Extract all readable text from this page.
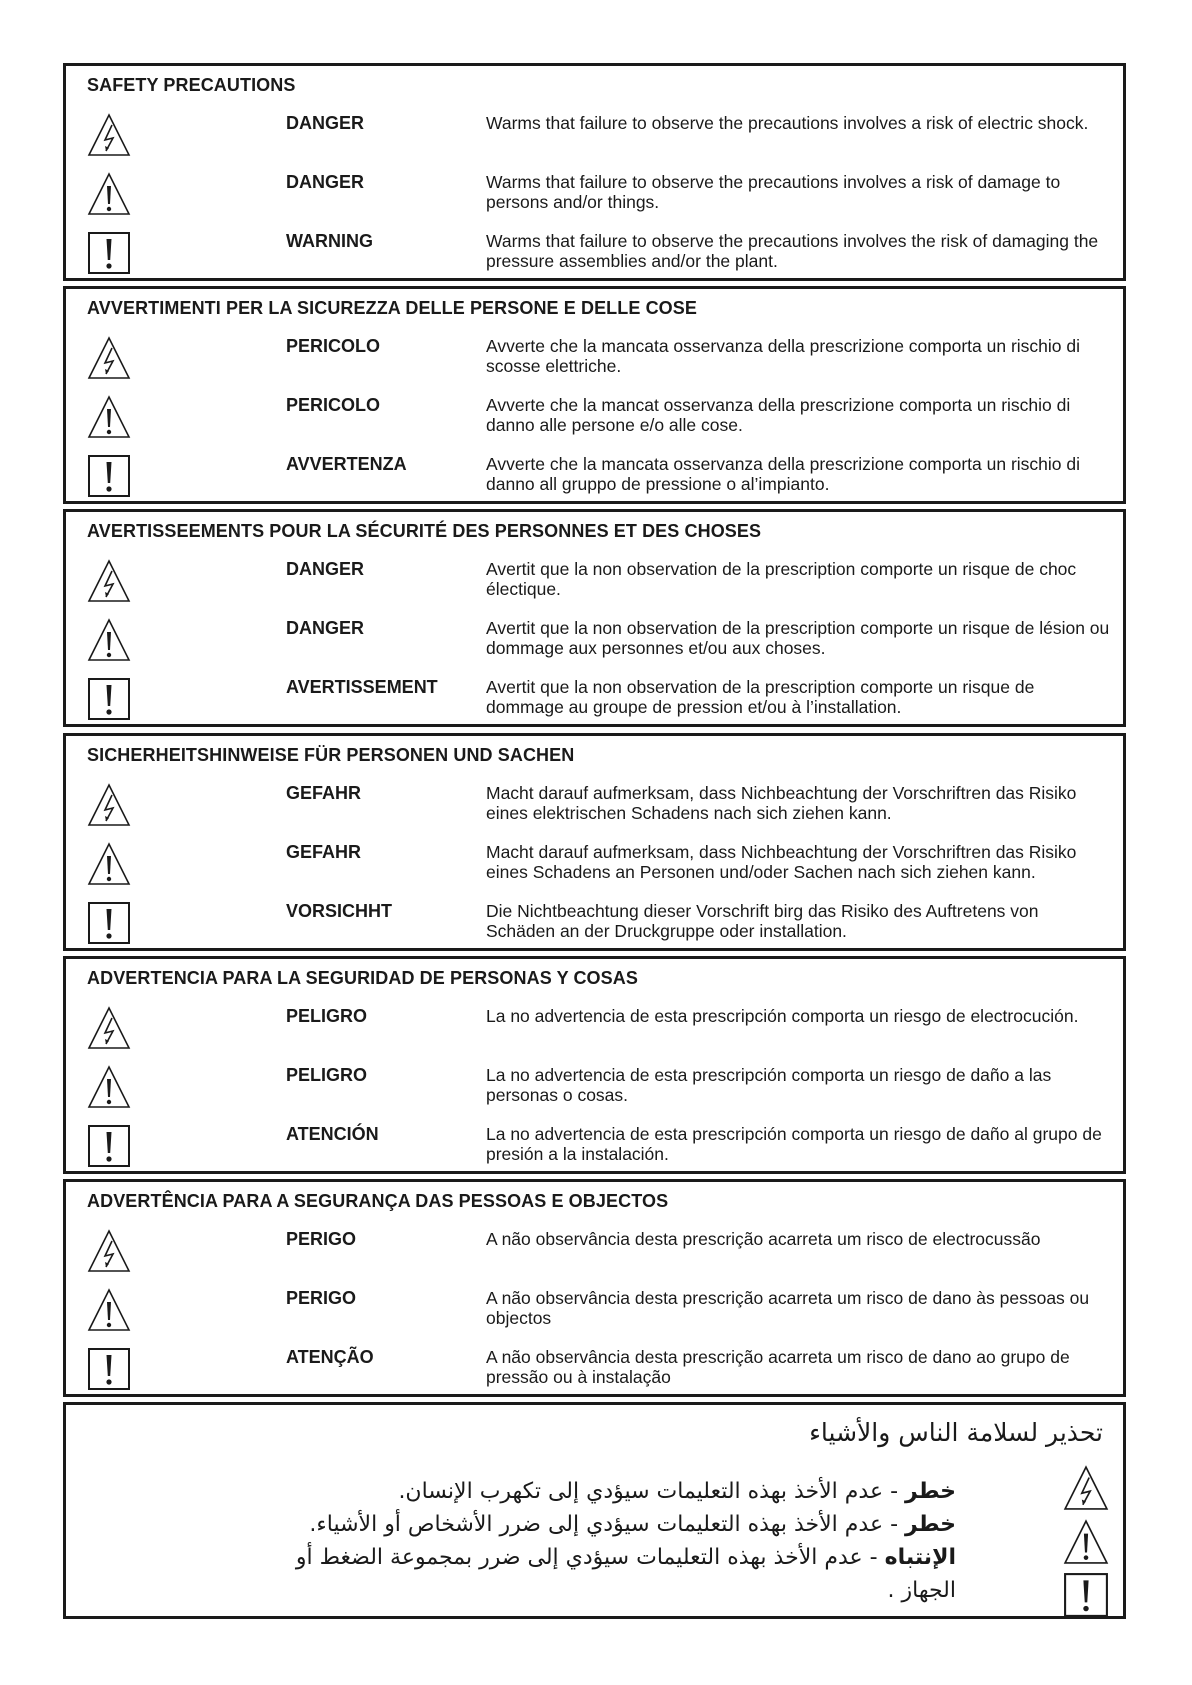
SAFETY PRECAUTIONS
DANGER	Warms that failure to observe the precautions involves a risk of electric shock.
DANGER	Warms that failure to observe the precautions involves a risk of damage to persons and/or things.
WARNING	Warms that failure to observe the precautions involves the risk of damaging the pressure assemblies and/or the plant.
AVVERTIMENTI PER LA SICUREZZA DELLE PERSONE E DELLE COSE
PERICOLO	Avverte che la mancata osservanza della prescrizione comporta un rischio di scosse elettriche.
PERICOLO	Avverte che la mancat osservanza della prescrizione comporta un rischio di danno alle persone e/o alle cose.
AVVERTENZA	Avverte che la mancata osservanza della prescrizione comporta un rischio di danno all gruppo de pressione o al’impianto.
AVERTISSEEMENTS POUR LA SÉCURITÉ DES PERSONNES ET DES CHOSES
DANGER	Avertit que la non observation de la prescription comporte un risque de choc électique.
DANGER	Avertit que la non observation de la prescription comporte un risque de lésion ou dommage aux personnes et/ou aux choses.
AVERTISSEMENT	Avertit que la non observation de la prescription comporte un risque de dommage au groupe de pression et/ou à l’installation.
SICHERHEITSHINWEISE FÜR PERSONEN UND SACHEN
GEFAHR	Macht darauf aufmerksam, dass Nichbeachtung der Vorschriftren das Risiko eines elektrischen Schadens nach sich ziehen kann.
GEFAHR	Macht darauf aufmerksam, dass Nichbeachtung der Vorschriftren das Risiko eines Schadens an Personen und/oder Sachen nach sich ziehen kann.
VORSICHHT	Die Nichtbeachtung dieser Vorschrift birg das Risiko des Auftretens von Schäden an der Druckgruppe oder installation.
ADVERTENCIA PARA LA SEGURIDAD DE PERSONAS Y COSAS
PELIGRO	La no advertencia de esta prescripción comporta un riesgo de electrocución.
PELIGRO	La no advertencia de esta prescripción comporta un riesgo de daño a las personas o cosas.
ATENCIÓN	La no advertencia de esta prescripción comporta un riesgo de daño al grupo de presión a la instalación.
ADVERTÊNCIA PARA A SEGURANÇA DAS PESSOAS E OBJECTOS
PERIGO	A não observância desta prescrição acarreta um risco de electrocussão
PERIGO	A não observância desta prescrição acarreta um risco de dano às pessoas ou objectos
ATENÇÃO	A não observância desta prescrição acarreta um risco de dano ao grupo de pressão ou à instalação
تحذير لسلامة الناس والأشياء
خطر - عدم الأخذ بهذه التعليمات سيؤدي إلى تكهرب الإنسان.
خطر - عدم الأخذ بهذه التعليمات سيؤدي إلى ضرر الأشخاص أو الأشياء.
الإنتباه - عدم الأخذ بهذه التعليمات سيؤدي إلى ضرر بمجموعة الضغط أو
الجهاز .
